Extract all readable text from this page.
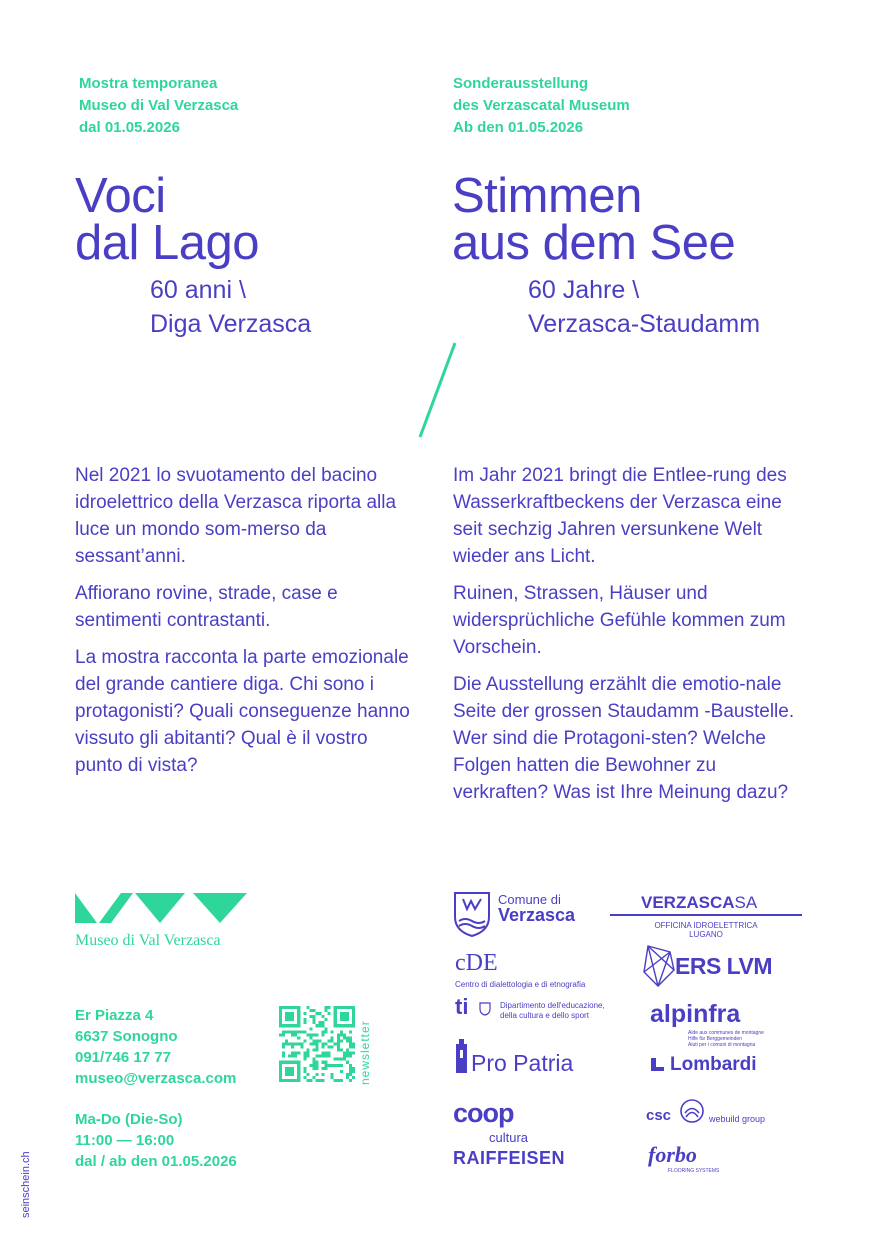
Mostra temporanea
Museo di Val Verzasca
dal 01.05.2026
Sonderausstellung
des Verzascatal Museum
Ab den 01.05.2026
Voci
dal Lago
Stimmen
aus dem See
60 anni \
Diga Verzasca
60 Jahre \
Verzasca-Staudamm

Nel 2021 lo svuotamento del bacino idroelettrico della Verzasca riporta alla luce un mondo som-merso da sessant’anni.

Affiorano rovine, strade, case e sentimenti contrastanti.

La mostra racconta la parte emozionale del grande cantiere diga. Chi sono i protagonisti? Quali conseguenze hanno vissuto gli abitanti? Qual è il vostro punto di vista?

Im Jahr 2021 bringt die Entlee-rung des Wasserkraftbeckens der Verzasca eine seit sechzig Jahren versunkene Welt wieder ans Licht.

Ruinen, Strassen, Häuser und widersprüchliche Gefühle kommen zum Vorschein.

Die Ausstellung erzählt die emotio-nale Seite der grossen Staudamm -Baustelle. Wer sind die Protagoni-sten? Welche Folgen hatten die Bewohner zu verkraften? Was ist Ihre Meinung dazu?

Museo di Val Verzasca
Er Piazza 4
6637 Sonogno
091/746 17 77
museo@verzasca.com
Ma-Do (Die-So)
11:00 — 16:00
dal / ab den 01.05.2026
newsletter
seinschein.ch
Comune di
Verzasca
VERZASCASA
OFFICINA IDROELETTRICA
LUGANO
cDE
Centro di dialettologia e di etnografia
ERS LVM
ti	Dipartimento dell'educazione,
della cultura e dello sport	alpinfra
Aide aux communes de montagne
Hilfe für Berggemeinden
Aiuti per i comuni di montagna
Pro Patria	Lombardi
coop
cultura
RAIFFEISEN
csc	webuild group
forbo
FLOORING SYSTEMS
